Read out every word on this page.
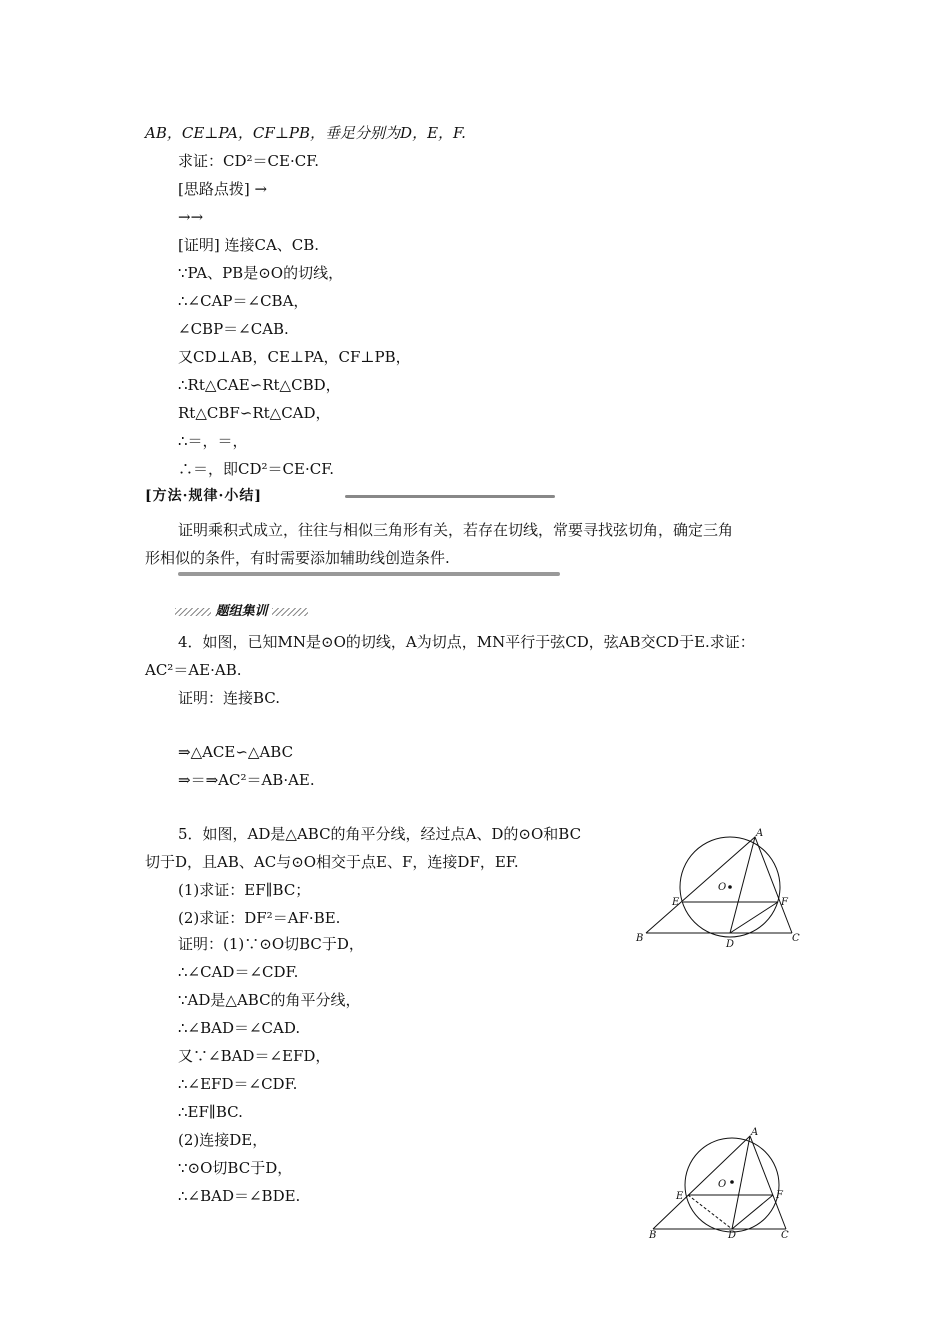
AB，CE⊥PA，CF⊥PB，垂足分别为D，E，F.
求证：CD²＝CE·CF.
[思路点拨] →
→→
[证明] 连接CA、CB.
∵PA、PB是⊙O的切线，
∴∠CAP＝∠CBA，
∠CBP＝∠CAB.
又CD⊥AB，CE⊥PA，CF⊥PB，
∴Rt△CAE∽Rt△CBD，
Rt△CBF∽Rt△CAD，
∴＝，＝，
∴＝，即CD²＝CE·CF.
[方法·规律·小结]
证明乘积式成立，往往与相似三角形有关，若存在切线，常要寻找弦切角，确定三角
形相似的条件，有时需要添加辅助线创造条件.
题组集训
4．如图，已知MN是⊙O的切线，A为切点，MN平行于弦CD，弦AB交CD于E.求证：
AC²＝AE·AB.
证明：连接BC.
⇒△ACE∽△ABC
⇒＝⇒AC²＝AB·AE.
5．如图，AD是△ABC的角平分线，经过点A、D的⊙O和BC
切于D，且AB、AC与⊙O相交于点E、F，连接DF，EF.
(1)求证：EF∥BC；
(2)求证：DF²＝AF·BE.
证明：(1)∵⊙O切BC于D，
∴∠CAD＝∠CDF.
∵AD是△ABC的角平分线，
∴∠BAD＝∠CAD.
又∵∠BAD＝∠EFD，
∴∠EFD＝∠CDF.
∴EF∥BC.
(2)连接DE，
∵⊙O切BC于D，
∴∠BAD＝∠BDE.
A
O
E	F
B
D
C
A
O
E	F
B	D	C
